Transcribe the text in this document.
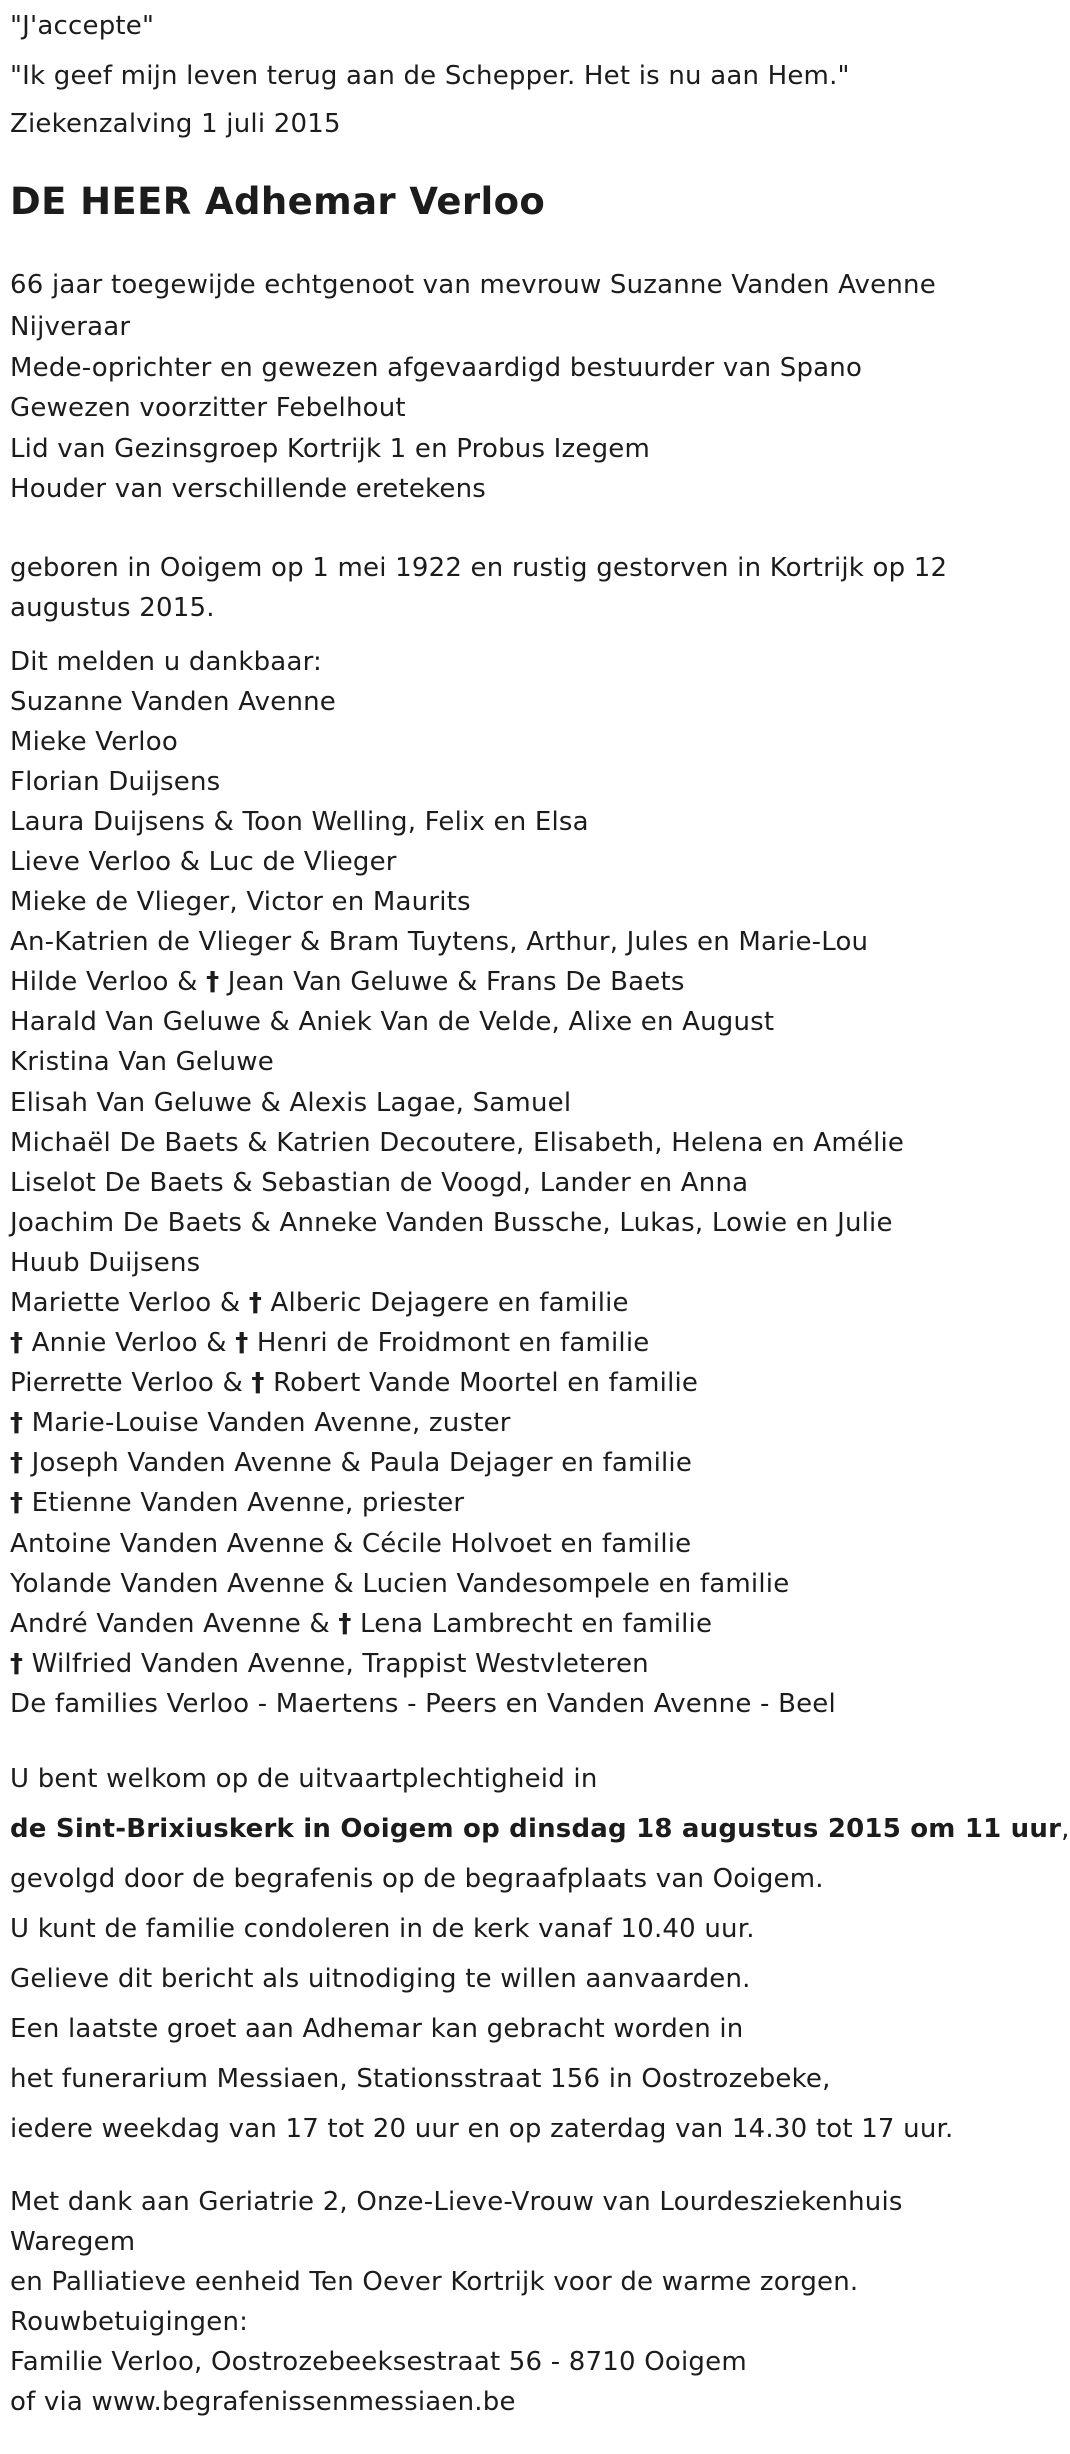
"J'accepte"

"Ik geef mijn leven terug aan de Schepper. Het is nu aan Hem."

Ziekenzalving 1 juli 2015

DE HEER Adhemar Verloo

66 jaar toegewijde echtgenoot van mevrouw Suzanne Vanden Avenne

Nijveraar

Mede-oprichter en gewezen afgevaardigd bestuurder van Spano

Gewezen voorzitter Febelhout

Lid van Gezinsgroep Kortrijk 1 en Probus Izegem

Houder van verschillende eretekens

geboren in Ooigem op 1 mei 1922 en rustig gestorven in Kortrijk op 12 augustus 2015.

Dit melden u dankbaar:

Suzanne Vanden Avenne

Mieke Verloo

Florian Duijsens

Laura Duijsens & Toon Welling, Felix en Elsa

Lieve Verloo & Luc de Vlieger

Mieke de Vlieger, Victor en Maurits

An-Katrien de Vlieger & Bram Tuytens, Arthur, Jules en Marie-Lou

Hilde Verloo & † Jean Van Geluwe & Frans De Baets

Harald Van Geluwe & Aniek Van de Velde, Alixe en August

Kristina Van Geluwe

Elisah Van Geluwe & Alexis Lagae, Samuel

Michaël De Baets & Katrien Decoutere, Elisabeth, Helena en Amélie

Liselot De Baets & Sebastian de Voogd, Lander en Anna

Joachim De Baets & Anneke Vanden Bussche, Lukas, Lowie en Julie

Huub Duijsens

Mariette Verloo & † Alberic Dejagere en familie

† Annie Verloo & † Henri de Froidmont en familie

Pierrette Verloo & † Robert Vande Moortel en familie

† Marie-Louise Vanden Avenne, zuster

† Joseph Vanden Avenne & Paula Dejager en familie

† Etienne Vanden Avenne, priester

Antoine Vanden Avenne & Cécile Holvoet en familie

Yolande Vanden Avenne & Lucien Vandesompele en familie

André Vanden Avenne & † Lena Lambrecht en familie

† Wilfried Vanden Avenne, Trappist Westvleteren

De families Verloo - Maertens - Peers en Vanden Avenne - Beel

U bent welkom op de uitvaartplechtigheid in

de Sint-Brixiuskerk in Ooigem op dinsdag 18 augustus 2015 om 11 uur,

gevolgd door de begrafenis op de begraafplaats van Ooigem.

U kunt de familie condoleren in de kerk vanaf 10.40 uur.

Gelieve dit bericht als uitnodiging te willen aanvaarden.

Een laatste groet aan Adhemar kan gebracht worden in

het funerarium Messiaen, Stationsstraat 156 in Oostrozebeke,

iedere weekdag van 17 tot 20 uur en op zaterdag van 14.30 tot 17 uur.

Met dank aan Geriatrie 2, Onze-Lieve-Vrouw van Lourdesziekenhuis Waregem

en Palliatieve eenheid Ten Oever Kortrijk voor de warme zorgen.

Rouwbetuigingen:

Familie Verloo, Oostrozebeeksestraat 56 - 8710 Ooigem

of via www.begrafenissenmessiaen.be
